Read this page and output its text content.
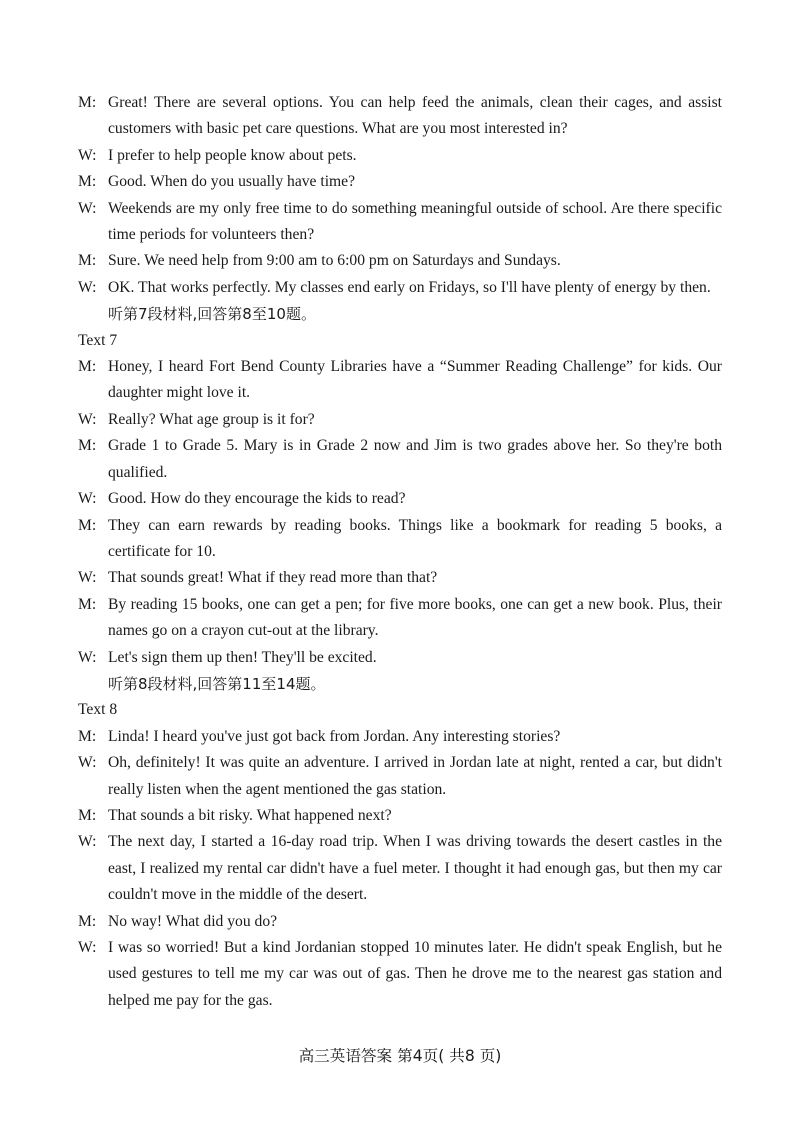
M: Great! There are several options. You can help feed the animals, clean their cages, and assist customers with basic pet care questions. What are you most interested in?
W: I prefer to help people know about pets.
M: Good. When do you usually have time?
W: Weekends are my only free time to do something meaningful outside of school. Are there specific time periods for volunteers then?
M: Sure. We need help from 9:00 am to 6:00 pm on Saturdays and Sundays.
W: OK. That works perfectly. My classes end early on Fridays, so I'll have plenty of energy by then.
听第7段材料,回答第8至10题。
Text 7
M: Honey, I heard Fort Bend County Libraries have a “Summer Reading Challenge” for kids. Our daughter might love it.
W: Really? What age group is it for?
M: Grade 1 to Grade 5. Mary is in Grade 2 now and Jim is two grades above her. So they're both qualified.
W: Good. How do they encourage the kids to read?
M: They can earn rewards by reading books. Things like a bookmark for reading 5 books, a certificate for 10.
W: That sounds great! What if they read more than that?
M: By reading 15 books, one can get a pen; for five more books, one can get a new book. Plus, their names go on a crayon cut-out at the library.
W: Let's sign them up then! They'll be excited.
听第8段材料,回答第11至14题。
Text 8
M: Linda! I heard you've just got back from Jordan. Any interesting stories?
W: Oh, definitely! It was quite an adventure. I arrived in Jordan late at night, rented a car, but didn't really listen when the agent mentioned the gas station.
M: That sounds a bit risky. What happened next?
W: The next day, I started a 16-day road trip. When I was driving towards the desert castles in the east, I realized my rental car didn't have a fuel meter. I thought it had enough gas, but then my car couldn't move in the middle of the desert.
M: No way! What did you do?
W: I was so worried! But a kind Jordanian stopped 10 minutes later. He didn't speak English, but he used gestures to tell me my car was out of gas. Then he drove me to the nearest gas station and helped me pay for the gas.
高三英语答案 第4页( 共8 页)
